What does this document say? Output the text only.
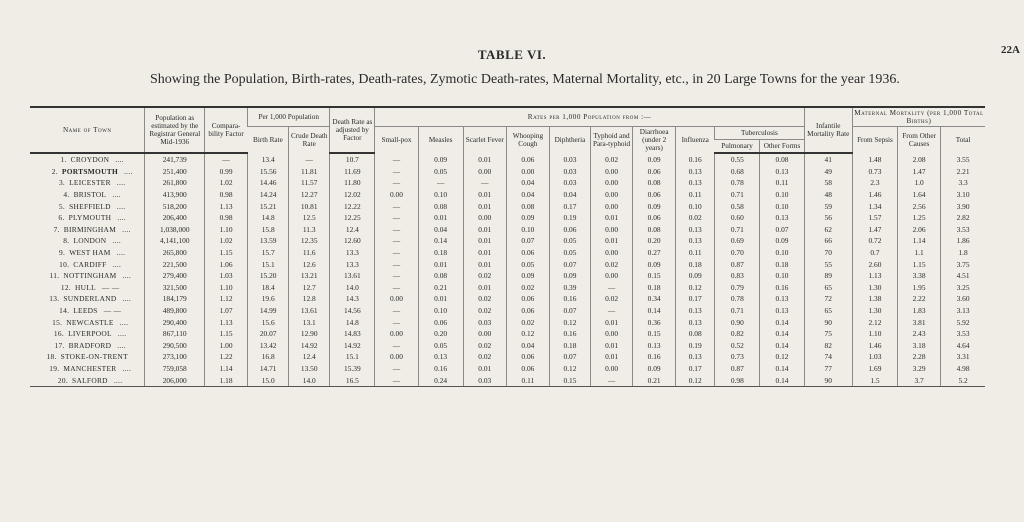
22A
TABLE VI.
Showing the Population, Birth-rates, Death-rates, Zymotic Death-rates, Maternal Mortality, etc., in 20 Large Towns for the year 1936.
Name of Town	Population as estimated by the Registrar General Mid-1936	Compara-bility Factor	Per 1,000 Population		Death Rate as adjusted by Factor	Rates per 1,000 Population from :—										Infantile Mortality Rate	Maternal Mortality (per 1,000 Total Births)		
			Birth Rate	Crude Death Rate		Small-pox	Measles	Scarlet Fever	Whooping Cough	Diphtheria	Typhoid and Para-typhoid	Diarrhoea (under 2 years)	Influenza	Tuberculosis			From Sepsis	From Other Causes	Total
														Pulmonary	Other Forms				
1. CROYDON ....	241,739	—	13.4	—	10.7	—	0.09	0.01	0.06	0.03	0.02	0.09	0.16	0.55	0.08	41	1.48	2.08	3.55
2. PORTSMOUTH ....	251,400	0.99	15.56	11.81	11.69	—	0.05	0.00	0.00	0.03	0.00	0.06	0.13	0.68	0.13	49	0.73	1.47	2.21
3. LEICESTER ....	261,800	1.02	14.46	11.57	11.80	—	—	—	0.04	0.03	0.00	0.08	0.13	0.78	0.11	58	2.3	1.0	3.3
4. BRISTOL ....	413,900	0.98	14.24	12.27	12.02	0.00	0.10	0.01	0.04	0.04	0.00	0.06	0.11	0.71	0.10	48	1.46	1.64	3.10
5. SHEFFIELD ....	518,200	1.13	15.21	10.81	12.22	—	0.08	0.01	0.08	0.17	0.00	0.09	0.10	0.58	0.10	59	1.34	2.56	3.90
6. PLYMOUTH ....	206,400	0.98	14.8	12.5	12.25	—	0.01	0.00	0.09	0.19	0.01	0.06	0.02	0.60	0.13	56	1.57	1.25	2.82
7. BIRMINGHAM ....	1,038,000	1.10	15.8	11.3	12.4	—	0.04	0.01	0.10	0.06	0.00	0.08	0.13	0.71	0.07	62	1.47	2.06	3.53
8. LONDON ....	4,141,100	1.02	13.59	12.35	12.60	—	0.14	0.01	0.07	0.05	0.01	0.20	0.13	0.69	0.09	66	0.72	1.14	1.86
9. WEST HAM ....	265,800	1.15	15.7	11.6	13.3	—	0.18	0.01	0.06	0.05	0.00	0.27	0.11	0.70	0.10	70	0.7	1.1	1.8
10. CARDIFF ....	221,500	1.06	15.1	12.6	13.3	—	0.01	0.01	0.05	0.07	0.02	0.09	0.18	0.87	0.18	55	2.60	1.15	3.75
11. NOTTINGHAM ....	279,400	1.03	15.20	13.21	13.61	—	0.08	0.02	0.09	0.09	0.00	0.15	0.09	0.83	0.10	89	1.13	3.38	4.51
12. HULL — —	321,500	1.10	18.4	12.7	14.0	—	0.21	0.01	0.02	0.39	—	0.18	0.12	0.79	0.16	65	1.30	1.95	3.25
13. SUNDERLAND ....	184,179	1.12	19.6	12.8	14.3	0.00	0.01	0.02	0.06	0.16	0.02	0.34	0.17	0.78	0.13	72	1.38	2.22	3.60
14. LEEDS — —	489,800	1.07	14.99	13.61	14.56	—	0.10	0.02	0.06	0.07	—	0.14	0.13	0.71	0.13	65	1.30	1.83	3.13
15. NEWCASTLE ....	290,400	1.13	15.6	13.1	14.8	—	0.06	0.03	0.02	0.12	0.01	0.36	0.13	0.90	0.14	90	2.12	3.81	5.92
16. LIVERPOOL ....	867,110	1.15	20.07	12.90	14.83	0.00	0.20	0.00	0.12	0.16	0.00	0.15	0.08	0.82	0.14	75	1.10	2.43	3.53
17. BRADFORD ....	290,500	1.00	13.42	14.92	14.92	—	0.05	0.02	0.04	0.18	0.01	0.13	0.19	0.52	0.14	82	1.46	3.18	4.64
18. STOKE-ON-TRENT	273,100	1.22	16.8	12.4	15.1	0.00	0.13	0.02	0.06	0.07	0.01	0.16	0.13	0.73	0.12	74	1.03	2.28	3.31
19. MANCHESTER ....	759,058	1.14	14.71	13.50	15.39	—	0.16	0.01	0.06	0.12	0.00	0.09	0.17	0.87	0.14	77	1.69	3.29	4.98
20. SALFORD ....	206,000	1.18	15.0	14.0	16.5	—	0.24	0.03	0.11	0.15	—	0.21	0.12	0.98	0.14	90	1.5	3.7	5.2
